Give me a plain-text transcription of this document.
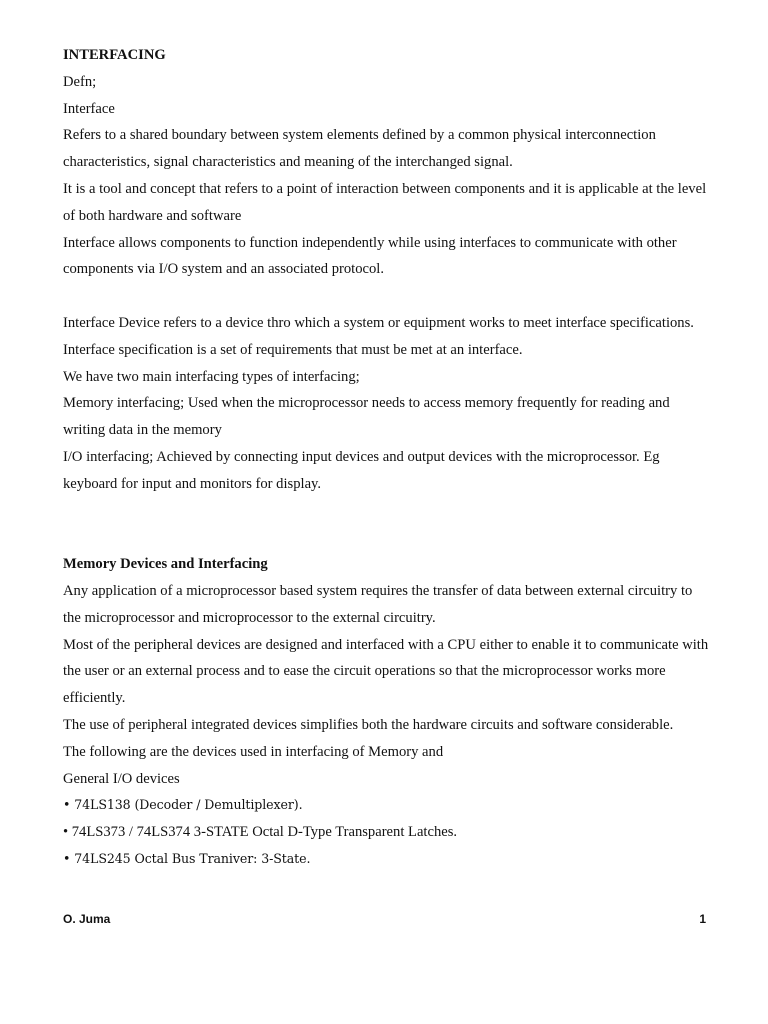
INTERFACING

Defn;

Interface

Refers to a shared boundary between system elements defined by a common physical interconnection characteristics, signal characteristics and meaning of the interchanged signal.

It is a tool and concept that refers to a point of interaction between components and it is applicable at the level of both hardware and software

Interface allows components to function independently while using interfaces to communicate with other components via I/O system and an associated protocol.

Interface Device refers to a device thro which a system or equipment works to meet interface specifications.

Interface specification is a set of requirements that must be met at an interface.

We have two main interfacing types of interfacing;

Memory interfacing; Used when the microprocessor needs to access memory frequently for reading and writing data in the memory

I/O interfacing; Achieved by connecting input devices and output devices with the microprocessor. Eg keyboard for input and monitors for display.

Memory Devices and Interfacing

Any application of a microprocessor based system requires the transfer of data between external circuitry to the microprocessor and microprocessor to the external circuitry.

Most of the peripheral devices are designed and interfaced with a CPU either to enable it to communicate with the user or an external process and to ease the circuit operations so that the microprocessor works more efficiently.

The use of peripheral integrated devices simplifies both the hardware circuits and software considerable.

The following are the devices used in interfacing of Memory and

General I/O devices

• 74LS138 (Decoder / Demultiplexer).

• 74LS373 / 74LS374 3-STATE Octal D-Type Transparent Latches.

• 74LS245 Octal Bus Traniver: 3-State.

O. Juma	1
